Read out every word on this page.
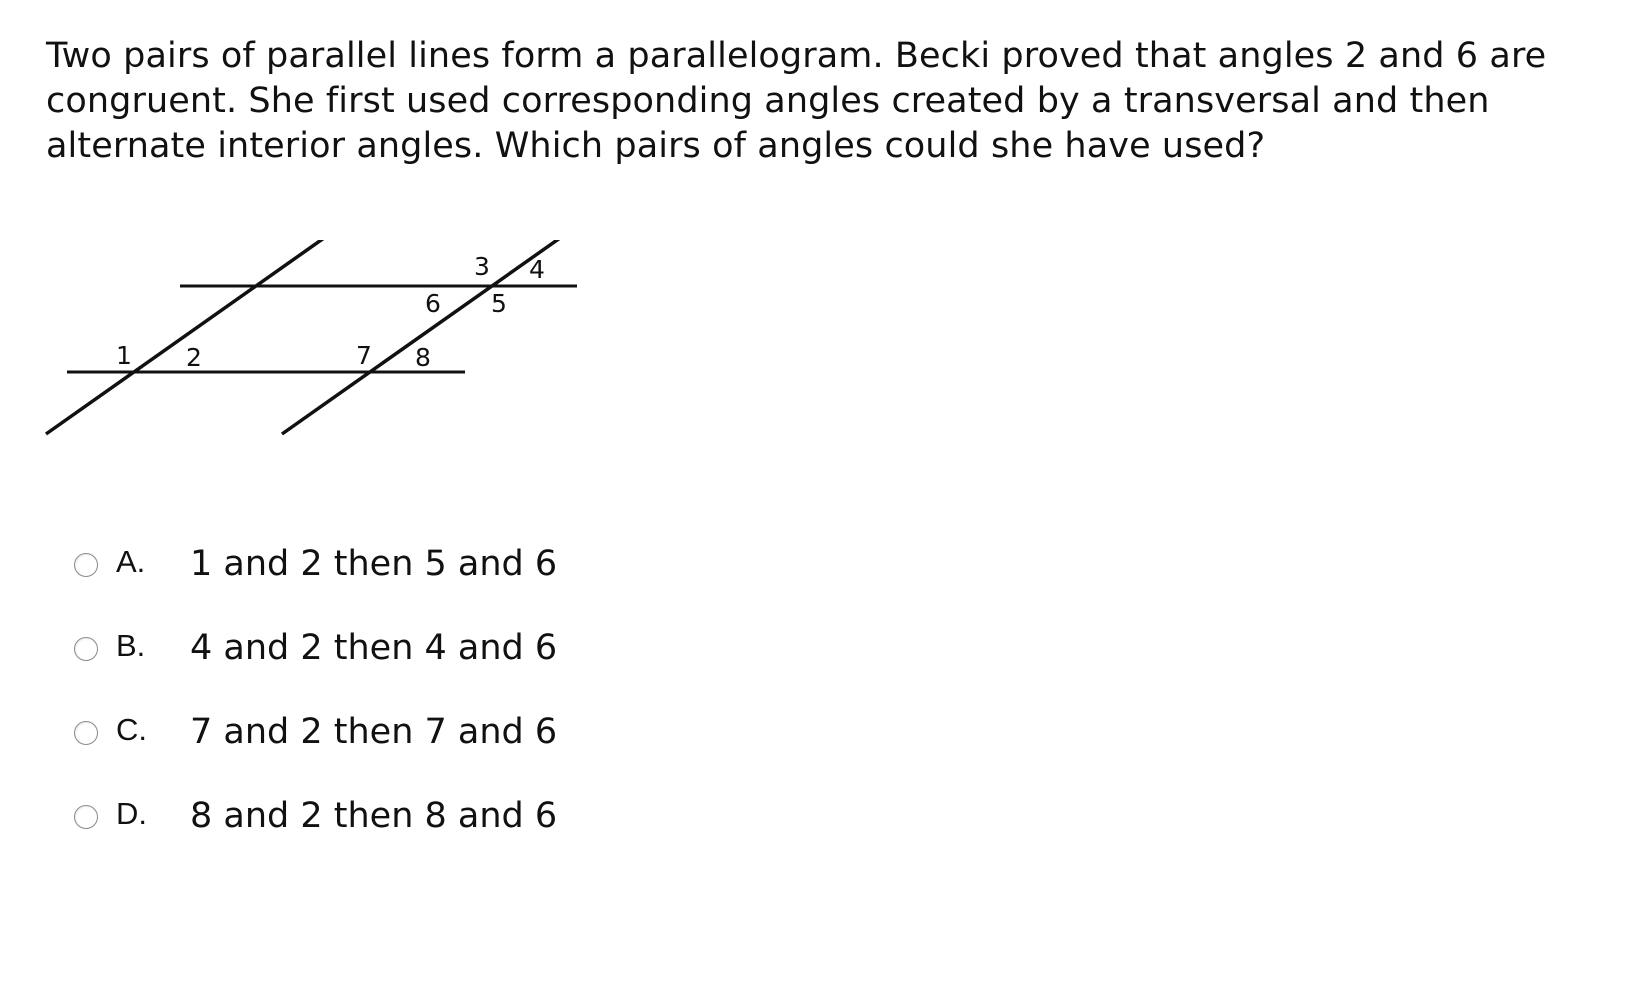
Two pairs of parallel lines form a parallelogram. Becki proved that angles 2 and 6 are congruent. She first used corresponding angles created by a transversal and then alternate interior angles. Which pairs of angles could she have used?

1 2
3 4
5
6
7 8
A. 1 and 2 then 5 and 6
B. 4 and 2 then 4 and 6
C. 7 and 2 then 7 and 6
D. 8 and 2 then 8 and 6
